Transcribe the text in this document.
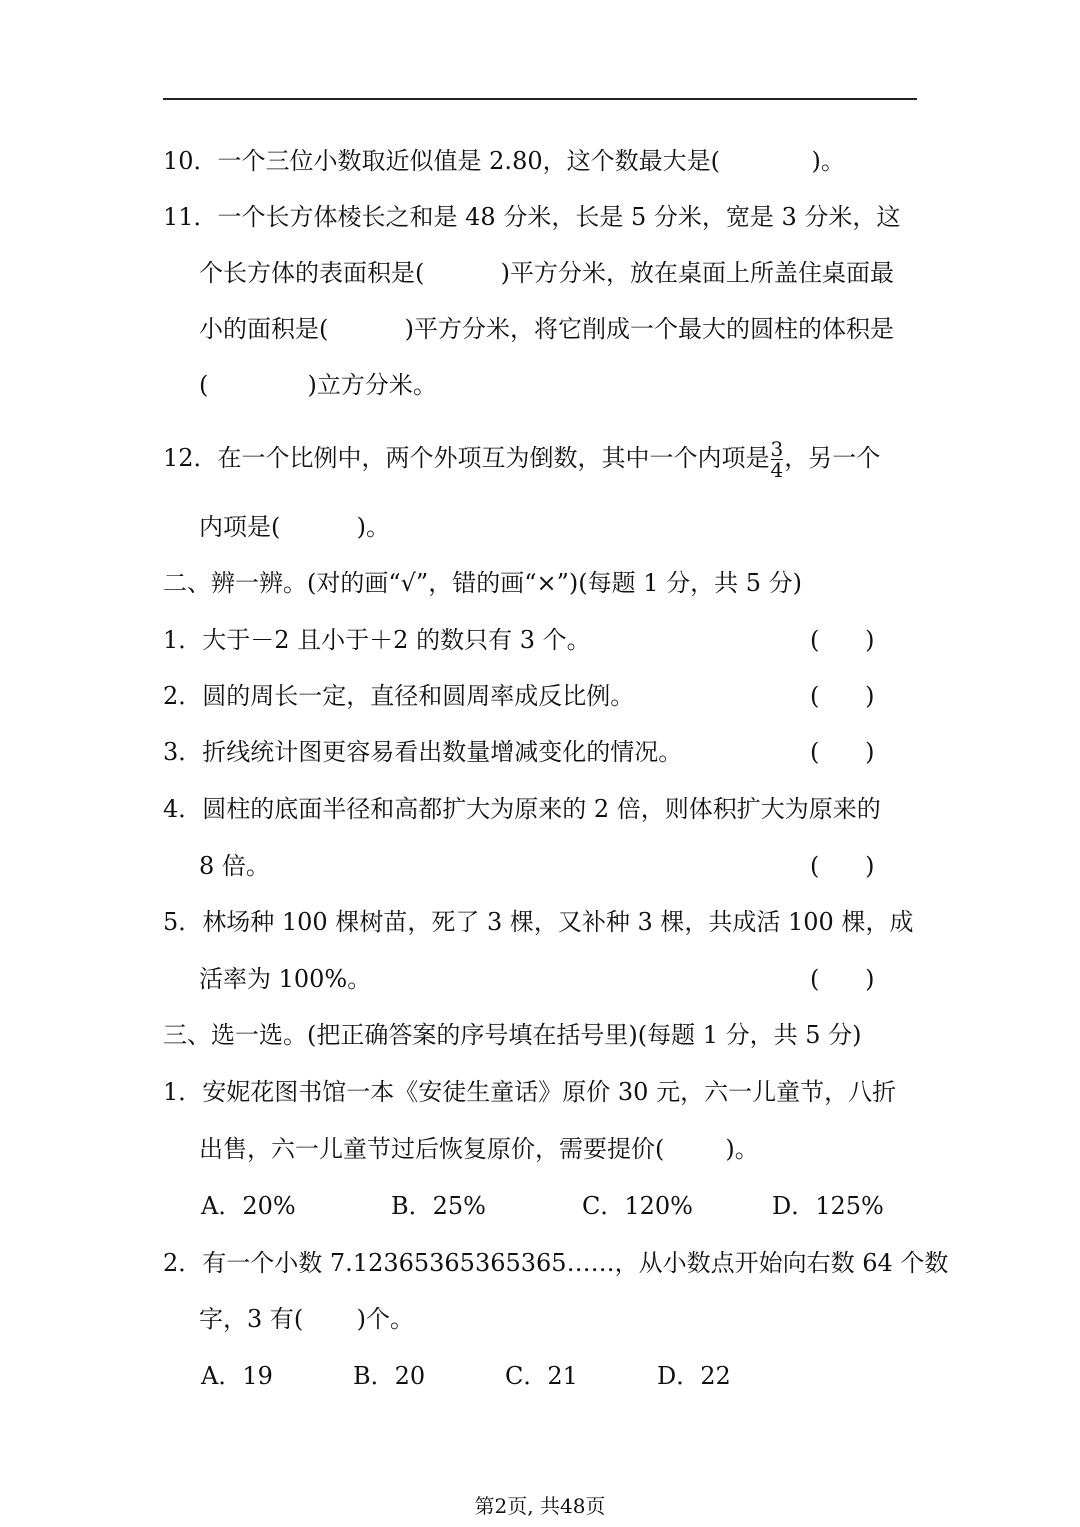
10．一个三位小数取近似值是 2.80，这个数最大是(            )。
11．一个长方体棱长之和是 48 分米，长是 5 分米，宽是 3 分米，这
个长方体的表面积是(          )平方分米，放在桌面上所盖住桌面最
小的面积是(          )平方分米，将它削成一个最大的圆柱的体积是
(             )立方分米。
12．在一个比例中，两个外项互为倒数，其中一个内项是 $\frac{3}{4}$ ，另一个
内项是(          )。
二、辨一辨。(对的画“√”，错的画“×”)(每题 1 分，共 5 分)
1．大于－2 且小于＋2 的数只有 3 个。	(      )
2．圆的周长一定，直径和圆周率成反比例。	(      )
3．折线统计图更容易看出数量增减变化的情况。	(      )
4．圆柱的底面半径和高都扩大为原来的 2 倍，则体积扩大为原来的
8 倍。	(      )
5．林场种 100 棵树苗，死了 3 棵，又补种 3 棵，共成活 100 棵，成
活率为 100%。	(      )
三、选一选。(把正确答案的序号填在括号里)(每题 1 分，共 5 分)
1．安妮花图书馆一本《安徒生童话》原价 30 元，六一儿童节，八折
出售，六一儿童节过后恢复原价，需要提价(        )。
A．20%	B．25%	C．120%	D．125%
2．有一个小数 7.12365365365365……，从小数点开始向右数 64 个数
字，3 有(       )个。
A．19	B．20	C．21	D．22
第2页, 共48页
